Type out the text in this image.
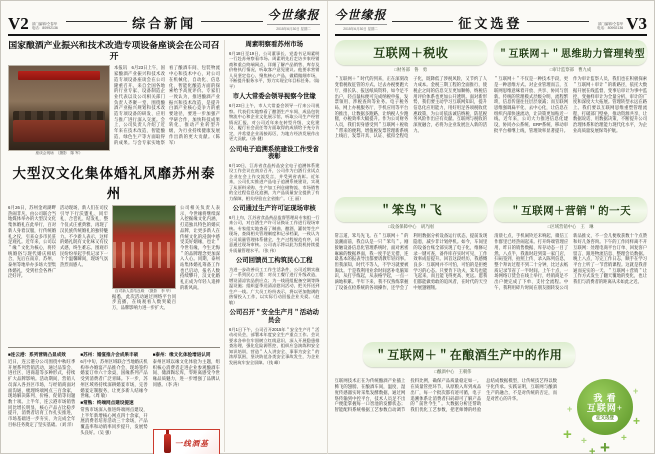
V2 部门编辑/仝春华
电话：80992136	综合新闻
今世缘报
2015年6月30日 星期二
国家酿酒产业振兴和技术改造专项设备座谈会在公司召开
座谈会现场　（摄影　陈 军）
本报讯　6月23日上午，国家酿酒产业振兴和技术改造专项设备座谈会在公司隆重召开。来自全国各地的行业专家、设备制造企业代表以及公司相关部门负责人齐聚一堂，围绕酿酒产业振兴规划和技术改造专项设备的研发、应用与推广进行深入交流。会上，公司负责人介绍了近年来在技术改造、智能酿造、绿色生产等方面取得的成果。与会专家实地察看了酿酒车间、包装物流中心和技术中心，对公司在机械化、自动化、信息化、智能化酿造方面的探索给予高度评价。专家们一致认为，推进酿酒产业振兴和技术改造，是提升白酒产业核心竞争力的重要途径，要进一步加强产学研合作，加快科技成果转化，推动产业转型升级，为行业持续健康发展作出新的更大贡献。（陈 军）
大型汉文化集体婚礼风靡苏州泰州
6月26日，苏州金鸡湖畔热闹非凡，由公司联合当地媒体举办的大型汉文化集体婚礼在此举行，百对新人身着汉服，行传统婚礼之仪，引来众多市民驻足观礼。近年来，公司以＂缘＂文化为核心，将传统婚俗与现代婚庆相结合，先后在南京、苏州、泰州等地举办多场大型集体婚礼，受到社会各界广泛好评。
活动现场，新人们在司仪引导下行沃盥礼、同牢礼、合卺礼、结发礼，整个仪式庄重典雅，再现了汉民族传统婚礼的独特魅力。不少新人表示，这样的婚礼既有文化味又有仪式感，终生难忘。围观市民纷纷举起手机记录下一个个温馨瞬间，现场气氛热烈而感人。
百对新人喜结良缘　（摄影　李 华）
据悉，此次活动通过网络平台同步直播，在线观看人数突破百万，品牌影响力进一步扩大。
公司相关负责人表示，今世缘将继续深入挖掘缘文化内涵，打造独具特色的婚庆品牌，让更多新人在传统文化的浸润中感受美好姻缘，也让＂今世有缘，今生无悔＂的品牌理念更加深入人心。同期，泰州站集体婚礼筹备工作也已启动，报名人数持续攀升，汉文化婚礼正成为年轻人追捧的新风尚。
■连云港：系列营销凸显成效
近日，连云港分公司围绕中秋旺季开展系列营销活动，通过品鉴会、进社区、进商超等多种形式，持续扩大品牌影响。活动期间，营销人员深入各县区市场，与经销商面对面沟通，梳理终端网点三百余家，现场解决陈列、价格、促销等问题数十项。上半年，连云港市场销售同比增长明显，核心产品占比稳步提升，消费者培育工作扎实推进，市场基础进一步夯实，为完成全年目标任务奠定了坚实基础。（刘 洋）
■苏州：婚宴推介会成果丰硕
6月中旬，苏州区域联合当地婚庆机构举办婚宴产品推介会，现场签约婚宴订单六十余桌，国缘系列产品受到消费者广泛青睐。下一步，苏州区域将持续深耕婚宴市场，完善婚宴定制服务，让更多新人结缘今世缘。（周 敏）
■常熟：终端网点建设提速
常熟市场深入推进终端网点建设，上半年新增核心网点四十余家，开展消费者培育活动三十余场，产品覆盖率和动销率同步提升，发展势头良好。（吴 强）
■泰州：缘文化体验增进认同
泰州区域以缘文化体验为主题，组织核心消费者走进企业参观酿酒车间、储酒陶坛库，零距离感受今世缘品质魅力，进一步增强了品牌认同感。（李 涛）
一线酒基
周素明察看苏州市场
6月18日至19日，公司董事长、党委书记周素明一行赴苏州察看市场。周素明先后走访多家经销商和重点终端网点，详细了解产品销售、库存及价格执行情况，听取客户意见建议。他要求营销人员坚定信心，聚焦核心产品，做精做细市场，不断提升服务水平，努力实现全年目标任务。（陆 平）
市人大常委会领导视察今世缘
6月23日上午，市人大常委会领导一行来公司视察。代表们实地察看了酿酒生产车间、成品包装物流中心和企业文化展示馆，听取公司生产经营情况汇报，对公司近年来在转型升级、文化建设、履行社会责任等方面取得的成绩给予充分肯定，并希望企业再接再厉，为地方经济发展作出更大贡献。（孙 健）
公司电子追溯系统建设工作受省表彰
6月10日，江苏省食品药品安全电子追溯体系建设工作会议在南京召开，公司作为白酒行业试点企业在会上作交流发言，并受到省表彰。近年来，公司扎实推进产品电子追溯系统建设，实现了从原料采购、生产加工到仓储物流、市场销售的全过程信息化追溯，为产品质量安全提供了有力保障，相关经验在全省推广。（王 丽）
公司通过生产许可证现场审核
6月上旬，江苏省食品药品监督管理局专家组一行来公司，对白酒生产许可证换证工作进行现场审核。专家组实地查看了制曲、酿酒、灌装等生产现场，查阅相关管理制度和记录档案，一致认为公司质量管理体系健全，生产过程规范有序，同意通过现场审核。公司表示将以此为契机持续提升质量管理水平。（张 伟）
公司回馈员工构筑民心工程
为进一步改善员工工作生活条件，公司近期实施了一系列民心工程：对员工餐厅进行升级改造，增设清凉饮品供应点；为一线班组配备空调等降温设施；组织夏季送清凉慰问活动，把关怀送到生产一线。广大员工纷纷表示，将以更加饱满的热情投入工作，以实际行动回报企业关爱。（赵 敏）
公司召开＂安全生产月＂活动动员会
6月1日下午，公司召开2015年＂安全生产月＂活动动员会，部署本年度安全生产重点工作。会议要求各单位牢固树立红线意识，深入开展隐患排查治理，强化危险源管控，组织应急演练和安全知识培训，营造＂人人讲安全、事事为安全＂的浓厚氛围，坚决防范各类安全事故发生，为企业发展筑牢安全屏障。（钱 峰）
今世缘报
2015年6月30日 星期二	征文选登	部门编辑/仝春华
电话：80992136 V3
互联网＋税收
□财务部　鲁　勇
＂互联网＋＂时代的到来，正在深刻改变着税收征管的方式。过去办税要跑大厅、排长队、报送纸质资料，如今足不出户，轻点鼠标便可完成纳税申报、发票领用、涉税查询等业务。电子税务局、网上办税服务厅、手机应用等平台的推出，让数据多跑路、让纳税人少跑腿，办税效率大幅提升。作为公司财务人员，我们切身感受到＂互联网＋税收＂带来的便利。增值税发票管理新系统上线后，发票开具、认证、抵扣全程电子化，既降低了涉税风险，又节约了人力成本。金税三期工程的全面推行，使税企之间的信息交互更加顺畅，纳税信用评价体系也更加公开透明。面对新形势，我们要主动学习互联网知识，提升信息化应用能力，用好用足各项税收优惠政策，为公司依法诚信纳税、防范税务风险作出应有贡献。互联网与税收的深度融合，必将为企业发展注入新的活力。
＂互联网＋＂思维助力管理转型
□审计监察部　曹九成
＂互联网＋＂不仅是一种技术手段，更是一种思维方式。对企业管理而言，互联网思维意味着开放、共享、协同与创新。传统的管理模式层级分明、流程繁琐，信息传递往往层层衰减；而互联网思维强调扁平化、去中心化，让信息在组织内部快速流动，让决策更加贴近一线。近年来，公司大力推进信息化建设，协同办公系统、ERP系统、移动审批平台相继上线，管理效率显著提升。作为审计监察人员，我们也在积极探索＂互联网＋审计＂的新路径，依托大数据开展在线监督，变事后审计为事中监控，变抽样审计为全量分析，审计的广度和深度大大拓展。管理转型永远在路上。我们要以互联网思维重塑管理流程，打破部门壁垒，推动资源共享，让数据说话、用数据决策，不断提升公司治理体系和治理能力现代化水平，为企业高质量发展保驾护航。
＂笨鸟＂飞
□设备保障中心　胡乃刚
常言道，笨鸟先飞。在＂互联网＋＂的浪潮面前，我自认是一只＂笨鸟＂。刚接触设备信息化管理系统时，面对密密麻麻的数据界面，我一度手足无措，连最基本的报表导出都要请教年轻同事。但我深知，时代不等人，不学习就要被淘汰。于是我利用业余时间恶补电脑知识，从打字练起，从表格学起，一点一滴地积累。半年下来，我不仅熟练掌握了设备点检系统的各项操作，还学会了利用数据分析设备运行状态，提前发现隐患，减少非计划停机。如今，车间里的设备台账全部实现了电子化，维修记录一键可查，备件库存实时可见，工作效率成倍提升。回首这段经历，我感慨良多：互联网并不可怕，可怕的是拒绝学习的心态。只要肯下功夫，笨鸟也能飞起来，而且能飞得更高、更远。愿我们都能做勇敢的追风者，在时代的天空中展翅翱翔。
＂互联网＋营销＂的一天
□区域营销中心　王　琳
清晨七点，手机闹铃还未响起，微信工作群里已经热闹起来。打开终端管理应用，昨日的销售数据、库存动态一目了然。八点半，我准时赶到第一家门店，扫码签到、拍照上传、录入陈列信息，整个拜访过程不到二十分钟，比过去纸质记录节省了一半时间。上午十点，一场网络订货会在线上举行，经销商足不出户便完成了下单、支付全流程。中午，我利用碎片时间在朋友圈转发公司新品推文，不一会儿便收获数十个点赞和好几条咨询。下午的工作同样离不开互联网：处理电商平台订单、回复客户留言、跟进物流信息、整理会员数据。晚上八点，写完工作日志，顺手在学习平台上听了一节营销课程。这就是我普通而充实的一天。＂互联网＋营销＂让工作方式发生了翻天覆地的变化，也让我们与消费者的距离从未如此之近。
＂互联网＋＂在酿酒生产中的作用
□酿酒中心　王朝伟
互联网技术正在为传统酿酒产业插上腾飞的翅膀。在酿酒车间，温度、湿度传感器实时采集发酵数据，通过网络传输到中控平台，技术人员足不出户便能掌握每一口窖池的发酵状态；智能配料系统根据工艺参数自动调节投料比例，确保产品质量稳定如一。在质量管控环节，从原粮入库到成品出厂，每一个批次都有迹可循，电子追溯体系让消费者扫码即可了解产品的＂前世今生＂。大数据分析还帮助我们优化工艺参数，把老师傅的经验总结成数据模型，让传统技艺得以数字化传承。实践证明，互联网与酿酒生产的融合，不是对传统的否定，而是对匠心的升华。	我 看
互联网+
征文选登
+ + + +
+
+
+
+
